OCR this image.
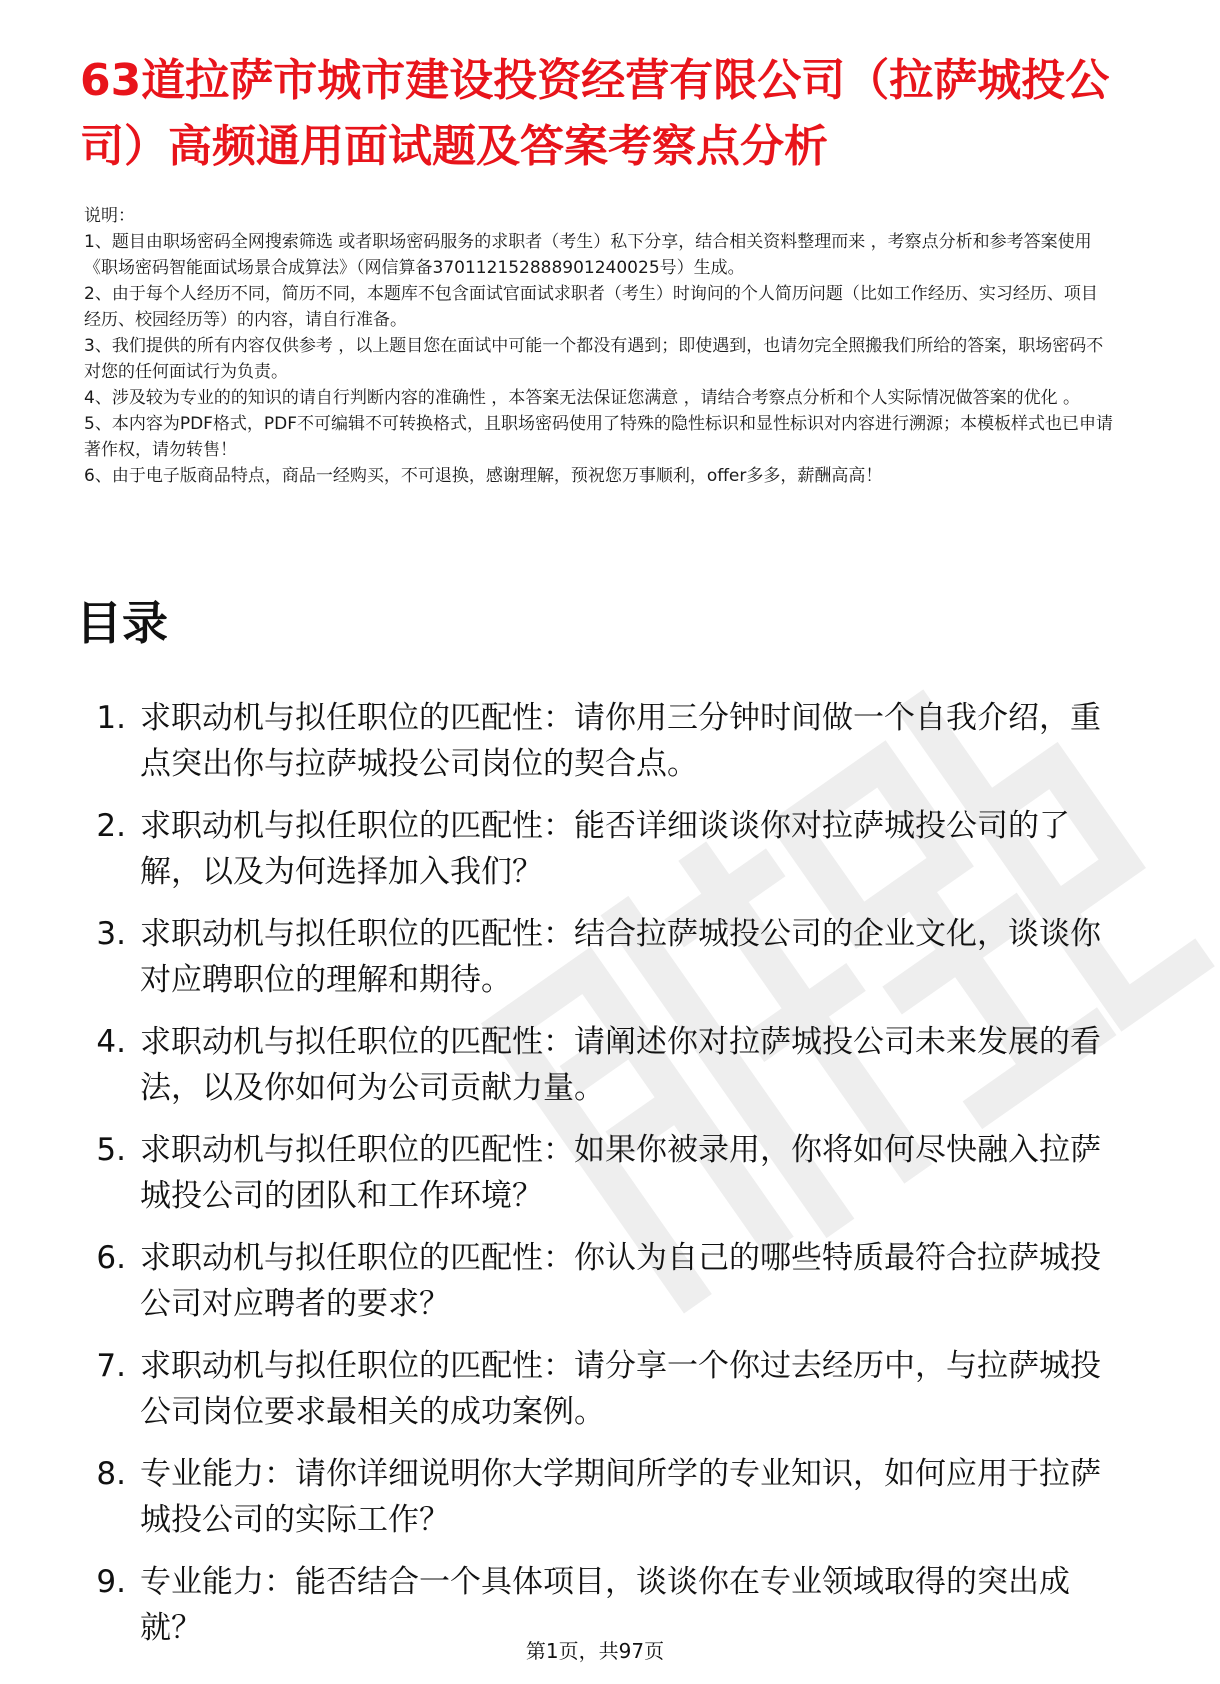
63道拉萨市城市建设投资经营有限公司（拉萨城投公司）高频通用面试题及答案考察点分析

说明：

1、题目由职场密码全网搜索筛选 或者职场密码服务的求职者（考生）私下分享，结合相关资料整理而来 ，考察点分析和参考答案使用《职场密码智能面试场景合成算法》（网信算备370112152888901240025号）生成。

2、由于每个人经历不同，简历不同，本题库不包含面试官面试求职者（考生）时询问的个人简历问题（比如工作经历、实习经历、项目经历、校园经历等）的内容，请自行准备。

3、我们提供的所有内容仅供参考 ，以上题目您在面试中可能一个都没有遇到；即使遇到，也请勿完全照搬我们所给的答案，职场密码不对您的任何面试行为负责。

4、涉及较为专业的的知识的请自行判断内容的准确性 ，本答案无法保证您满意 ，请结合考察点分析和个人实际情况做答案的优化 。

5、本内容为PDF格式，PDF不可编辑不可转换格式，且职场密码使用了特殊的隐性标识和显性标识对内容进行溯源；本模板样式也已申请著作权，请勿转售！

6、由于电子版商品特点，商品一经购买，不可退换，感谢理解，预祝您万事顺利，offer多多，薪酬高高！

职场密码
目录
1. 求职动机与拟任职位的匹配性：请你用三分钟时间做一个自我介绍，重点突出你与拉萨城投公司岗位的契合点。
2. 求职动机与拟任职位的匹配性：能否详细谈谈你对拉萨城投公司的了解，以及为何选择加入我们？
3. 求职动机与拟任职位的匹配性：结合拉萨城投公司的企业文化，谈谈你对应聘职位的理解和期待。
4. 求职动机与拟任职位的匹配性：请阐述你对拉萨城投公司未来发展的看法，以及你如何为公司贡献力量。
5. 求职动机与拟任职位的匹配性：如果你被录用，你将如何尽快融入拉萨城投公司的团队和工作环境？
6. 求职动机与拟任职位的匹配性：你认为自己的哪些特质最符合拉萨城投公司对应聘者的要求？
7. 求职动机与拟任职位的匹配性：请分享一个你过去经历中，与拉萨城投公司岗位要求最相关的成功案例。
8. 专业能力：请你详细说明你大学期间所学的专业知识，如何应用于拉萨城投公司的实际工作？
9. 专业能力：能否结合一个具体项目，谈谈你在专业领域取得的突出成就？
第1页，共97页
